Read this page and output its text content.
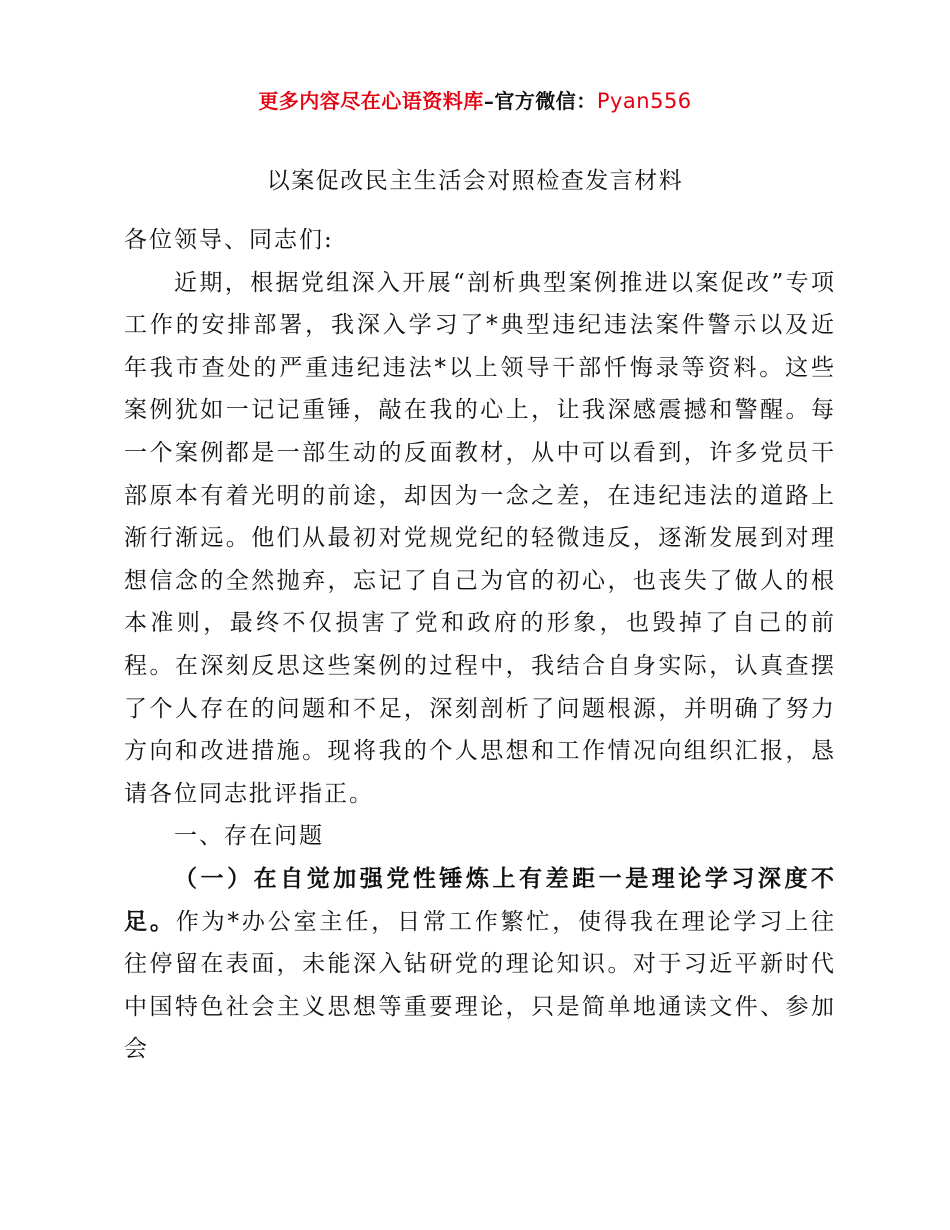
更多内容尽在心语资料库–官方微信：Pyan556
以案促改民主生活会对照检查发言材料

各位领导、同志们:

近期，根据党组深入开展“剖析典型案例推进以案促改”专项工作的安排部署，我深入学习了*典型违纪违法案件警示以及近年我市查处的严重违纪违法*以上领导干部忏悔录等资料。这些案例犹如一记记重锤，敲在我的心上，让我深感震撼和警醒。每一个案例都是一部生动的反面教材，从中可以看到，许多党员干部原本有着光明的前途，却因为一念之差，在违纪违法的道路上渐行渐远。他们从最初对党规党纪的轻微违反，逐渐发展到对理想信念的全然抛弃，忘记了自己为官的初心，也丧失了做人的根本准则，最终不仅损害了党和政府的形象，也毁掉了自己的前程。在深刻反思这些案例的过程中，我结合自身实际，认真查摆了个人存在的问题和不足，深刻剖析了问题根源，并明确了努力方向和改进措施。现将我的个人思想和工作情况向组织汇报，恳请各位同志批评指正。

一、存在问题

（一）在自觉加强党性锤炼上有差距一是理论学习深度不足。作为*办公室主任，日常工作繁忙，使得我在理论学习上往往停留在表面，未能深入钻研党的理论知识。对于习近平新时代中国特色社会主义思想等重要理论，只是简单地通读文件、参加会
